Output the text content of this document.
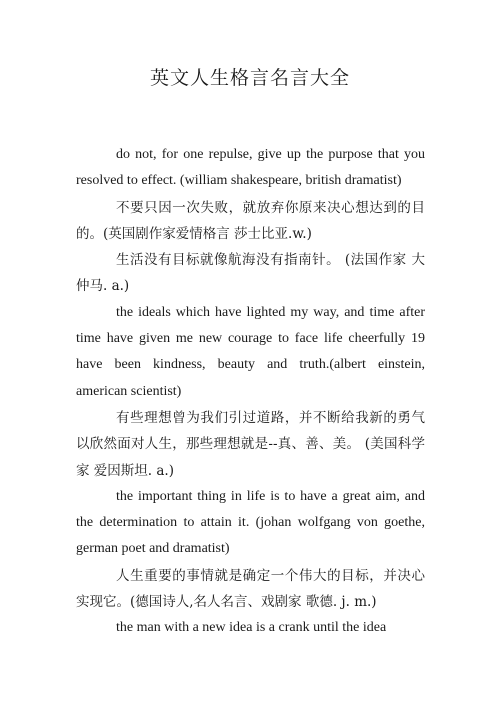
英文人生格言名言大全

do not, for one repulse, give up the purpose that you resolved to effect. (william shakespeare, british dramatist)

不要只因一次失败，就放弃你原来决心想达到的目的。(英国剧作家爱情格言 莎士比亚.w.)

生活没有目标就像航海没有指南针。 (法国作家 大仲马. a.)

the ideals which have lighted my way, and time after time have given me new courage to face life cheerfully 19 have been kindness, beauty and truth.(albert einstein, american scientist)

有些理想曾为我们引过道路，并不断给我新的勇气以欣然面对人生，那些理想就是--真、善、美。 (美国科学家 爱因斯坦. a.)

the important thing in life is to have a great aim, and the determination to attain it. (johan wolfgang von goethe, german poet and dramatist)

人生重要的事情就是确定一个伟大的目标，并决心实现它。(德国诗人,名人名言、戏剧家 歌德. j. m.)

the man with a new idea is a crank until the idea
